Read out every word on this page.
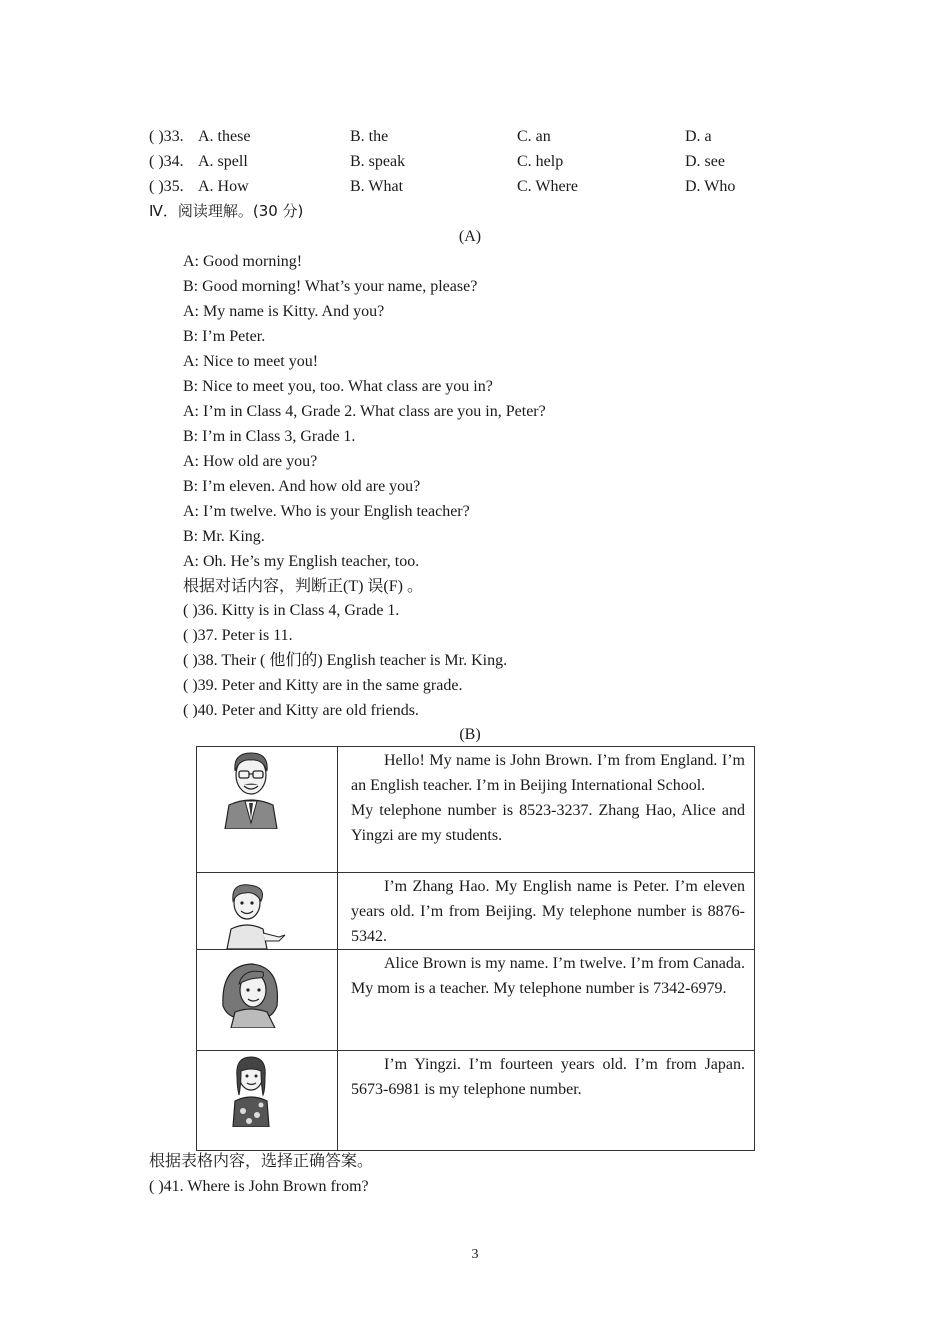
( )33. A. these	B. the	C. an	D. a
( )34. A. spell	B. speak	C. help	D. see
( )35. A. How	B. What	C. Where	D. Who
Ⅳ．阅读理解。(30 分)
(A)
A: Good morning!
B: Good morning! What’s your name, please?
A: My name is Kitty. And you?
B: I’m Peter.
A: Nice to meet you!
B: Nice to meet you, too. What class are you in?
A: I’m in Class 4, Grade 2. What class are you in, Peter?
B: I’m in Class 3, Grade 1.
A: How old are you?
B: I’m eleven. And how old are you?
A: I’m twelve. Who is your English teacher?
B: Mr. King.
A: Oh. He’s my English teacher, too.
根据对话内容，判断正(T) 误(F) 。
( )36. Kitty is in Class 4, Grade 1.
( )37. Peter is 11.
( )38. Their ( 他们的) English teacher is Mr. King.
( )39. Peter and Kitty are in the same grade.
( )40. Peter and Kitty are old friends.
(B)

Hello! My name is John Brown. I’m from England. I’m an English teacher. I’m in Beijing International School.
My telephone number is 8523-3237. Zhang Hao, Alice and Yingzi are my students.

I’m Zhang Hao. My English name is Peter. I’m eleven years old. I’m from Beijing. My telephone number is 8876-5342.

Alice Brown is my name. I’m twelve. I’m from Canada. My mom is a teacher. My telephone number is 7342-6979.

I’m Yingzi. I’m fourteen years old. I’m from Japan. 5673-6981 is my telephone number.
根据表格内容，选择正确答案。
( )41. Where is John Brown from?
3
